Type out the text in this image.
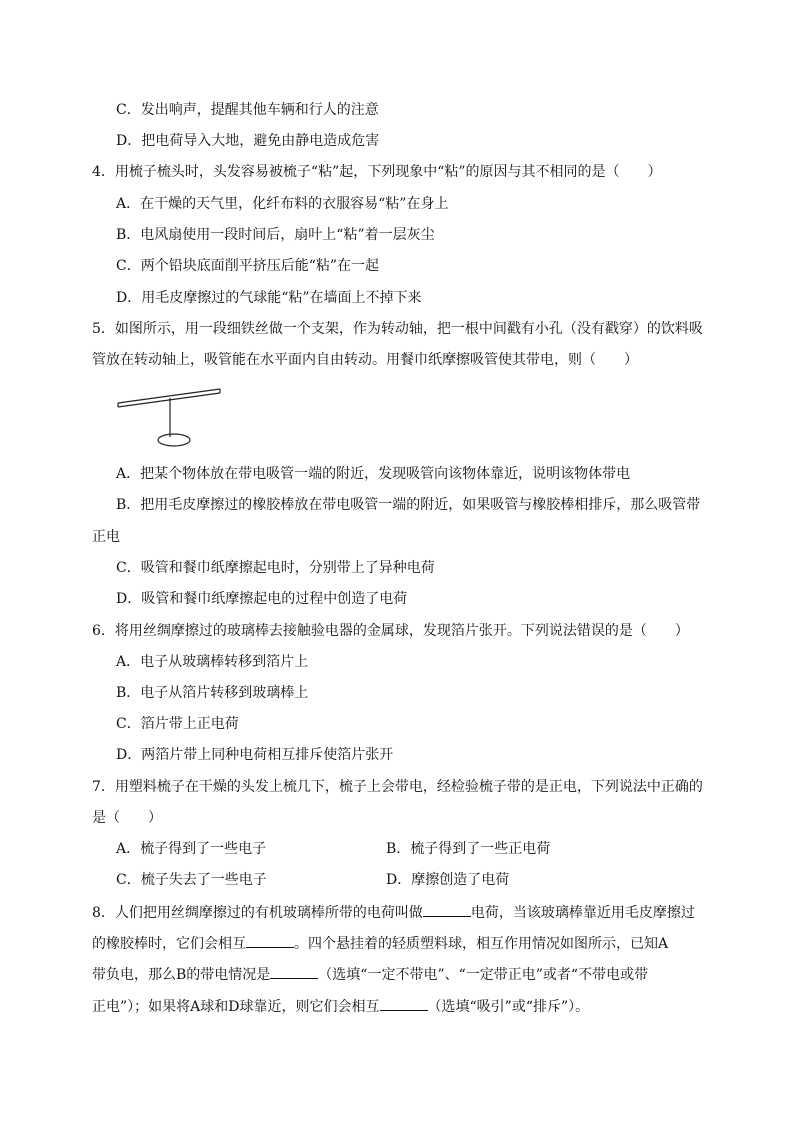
C．发出响声，提醒其他车辆和行人的注意
D．把电荷导入大地，避免由静电造成危害
4．用梳子梳头时，头发容易被梳子“粘”起，下列现象中“粘”的原因与其不相同的是（　　）
A．在干燥的天气里，化纤布料的衣服容易“粘”在身上
B．电风扇使用一段时间后，扇叶上“粘”着一层灰尘
C．两个铅块底面削平挤压后能“粘”在一起
D．用毛皮摩擦过的气球能“粘”在墙面上不掉下来
5．如图所示，用一段细铁丝做一个支架，作为转动轴，把一根中间戳有小孔（没有戳穿）的饮料吸
管放在转动轴上，吸管能在水平面内自由转动。用餐巾纸摩擦吸管使其带电，则（　　）
A．把某个物体放在带电吸管一端的附近，发现吸管向该物体靠近，说明该物体带电
B．把用毛皮摩擦过的橡胶棒放在带电吸管一端的附近，如果吸管与橡胶棒相排斥，那么吸管带
正电
C．吸管和餐巾纸摩擦起电时，分别带上了异种电荷
D．吸管和餐巾纸摩擦起电的过程中创造了电荷
6．将用丝绸摩擦过的玻璃棒去接触验电器的金属球，发现箔片张开。下列说法错误的是（　　）
A．电子从玻璃棒转移到箔片上
B．电子从箔片转移到玻璃棒上
C．箔片带上正电荷
D．两箔片带上同种电荷相互排斥使箔片张开
7．用塑料梳子在干燥的头发上梳几下，梳子上会带电，经检验梳子带的是正电，下列说法中正确的
是（　　）
A．梳子得到了一些电子	B．梳子得到了一些正电荷
C．梳子失去了一些电子	D．摩擦创造了电荷
8．人们把用丝绸摩擦过的有机玻璃棒所带的电荷叫做	电荷，当该玻璃棒靠近用毛皮摩擦过
的橡胶棒时，它们会相互	。四个悬挂着的轻质塑料球，相互作用情况如图所示，已知A
带负电，那么B的带电情况是	（选填“一定不带电”、“一定带正电”或者“不带电或带
正电”）；如果将A球和D球靠近，则它们会相互	（选填“吸引”或“排斥”）。
